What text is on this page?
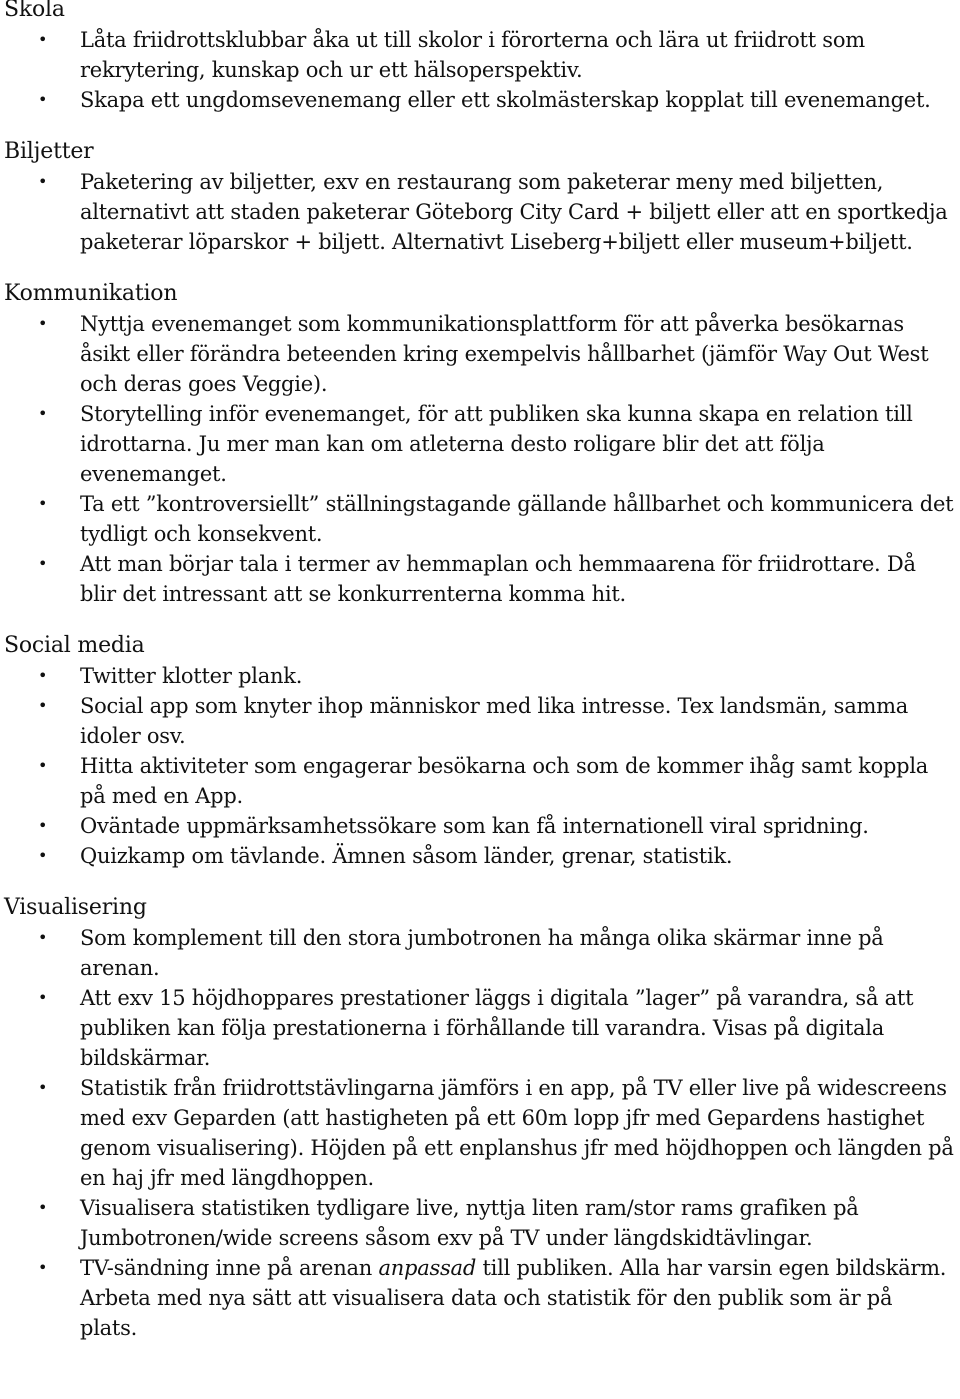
Skola

• Låta friidrottsklubbar åka ut till skolor i förorterna och lära ut friidrott som rekrytering, kunskap och ur ett hälsoperspektiv.
• Skapa ett ungdomsevenemang eller ett skolmästerskap kopplat till evenemanget.

Biljetter

• Paketering av biljetter, exv en restaurang som paketerar meny med biljetten, alternativt att staden paketerar Göteborg City Card + biljett eller att en sportkedja paketerar löparskor + biljett. Alternativt Liseberg+biljett eller museum+biljett.

Kommunikation

• Nyttja evenemanget som kommunikationsplattform för att påverka besökarnas åsikt eller förändra beteenden kring exempelvis hållbarhet (jämför Way Out West och deras goes Veggie).
• Storytelling inför evenemanget, för att publiken ska kunna skapa en relation till idrottarna. Ju mer man kan om atleterna desto roligare blir det att följa evenemanget.
• Ta ett ”kontroversiellt” ställningstagande gällande hållbarhet och kommunicera det tydligt och konsekvent.
• Att man börjar tala i termer av hemmaplan och hemmaarena för friidrottare. Då blir det intressant att se konkurrenterna komma hit.

Social media

• Twitter klotter plank.
• Social app som knyter ihop människor med lika intresse. Tex landsmän, samma idoler osv.
• Hitta aktiviteter som engagerar besökarna och som de kommer ihåg samt koppla på med en App.
• Oväntade uppmärksamhetssökare som kan få internationell viral spridning.
• Quizkamp om tävlande. Ämnen såsom länder, grenar, statistik.

Visualisering

• Som komplement till den stora jumbotronen ha många olika skärmar inne på arenan.
• Att exv 15 höjdhoppares prestationer läggs i digitala ”lager” på varandra, så att publiken kan följa prestationerna i förhållande till varandra. Visas på digitala bildskärmar.
• Statistik från friidrottstävlingarna jämförs i en app, på TV eller live på widescreens med exv Geparden (att hastigheten på ett 60m lopp jfr med Gepardens hastighet genom visualisering). Höjden på ett enplanshus jfr med höjdhoppen och längden på en haj jfr med längdhoppen.
• Visualisera statistiken tydligare live, nyttja liten ram/stor rams grafiken på Jumbotronen/wide screens såsom exv på TV under längdskidtävlingar.
• TV-sändning inne på arenan anpassad till publiken. Alla har varsin egen bildskärm. Arbeta med nya sätt att visualisera data och statistik för den publik som är på plats.
